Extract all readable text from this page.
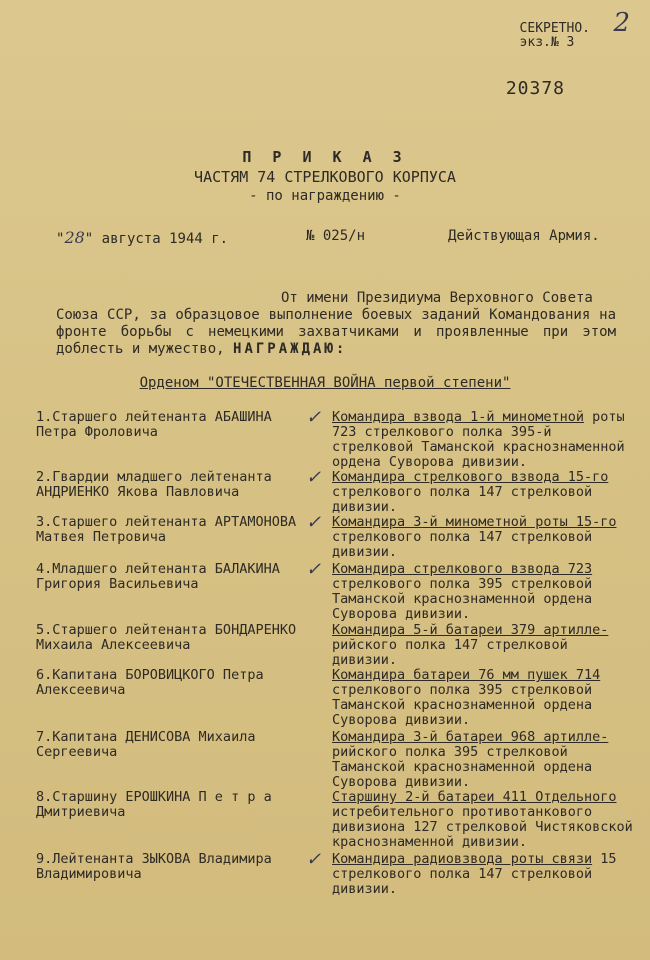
2
СЕКРЕТНО.
экз.№ 3
20378
П Р И К А З
ЧАСТЯМ 74 СТРЕЛКОВОГО КОРПУСА
- по награждению -
"28" августа 1944 г.	№ 025/н	Действующая Армия.
От имени Президиума Верховного Совета
Союза ССР, за образцовое выполнение боевых заданий Командования на фронте борьбы с немецкими захватчиками и проявленные при этом доблесть и мужество, НАГРАЖДАЮ:
Орденом "ОТЕЧЕСТВЕННАЯ ВОЙНА первой степени"
1.Старшего лейтенанта АБАШИНА Петра Фроловича
✓ Командира взвода 1-й минометной роты 723 стрелкового полка 395-й стрелковой Таманской краснознаменной ордена Суворова дивизии.
2.Гвардии младшего лейтенанта АНДРИЕНКО Якова Павловича
✓ Командира стрелкового взвода 15-го стрелкового полка 147 стрелковой дивизии.
3.Старшего лейтенанта АРТАМОНОВА Матвея Петровича
✓ Командира 3-й минометной роты 15-го стрелкового полка 147 стрелковой дивизии.
4.Младшего лейтенанта БАЛАКИНА Григория Васильевича
✓ Командира стрелкового взвода 723 стрелкового полка 395 стрелковой Таманской краснознаменной ордена Суворова дивизии.
5.Старшего лейтенанта БОНДАРЕНКО Михаила Алексеевича
Командира 5-й батареи 379 артилле- рийского полка 147 стрелковой дивизии.
6.Капитана БОРОВИЦКОГО Петра Алексеевича
Командира батареи 76 мм пушек 714 стрелкового полка 395 стрелковой Таманской краснознаменной ордена Суворова дивизии.
7.Капитана ДЕНИСОВА Михаила Сергеевича
Командира 3-й батареи 968 артилле- рийского полка 395 стрелковой Таманской краснознаменной ордена Суворова дивизии.
8.Старшину ЕРОШКИНА П е т р а Дмитриевича
Старшину 2-й батареи 411 Отдельного истребительного противотанкового дивизиона 127 стрелковой Чистяковской краснознаменной дивизии.
9.Лейтенанта ЗЫКОВА Владимира Владимировича
✓ Командира радиовзвода роты связи 15 стрелкового полка 147 стрелковой дивизии.
